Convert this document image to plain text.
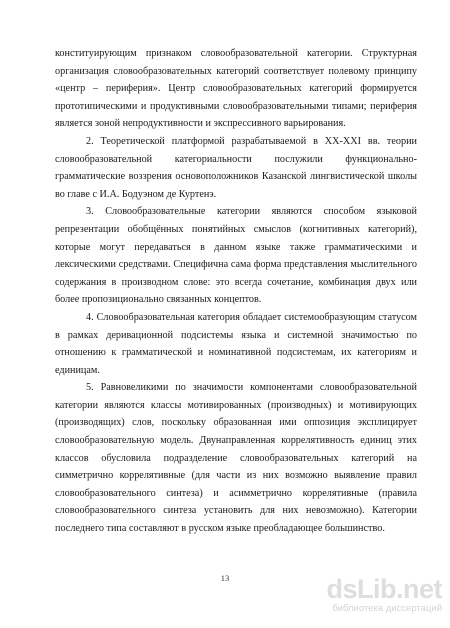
конституирующим признаком словообразовательной категории. Структурная организация словообразовательных категорий соответствует полевому принципу «центр – периферия». Центр словообразовательных категорий формируется прототипическими и продуктивными словообразовательными типами; периферия является зоной непродуктивности и экспрессивного варьирования.

2. Теоретической платформой разрабатываемой в XX-XXI вв. теории словообразовательной категориальности послужили функционально-грамматические воззрения основоположников Казанской лингвистической школы во главе с И.А. Бодуэном де Куртенэ.

3. Словообразовательные категории являются способом языковой репрезентации обобщённых понятийных смыслов (когнитивных категорий), которые могут передаваться в данном языке также грамматическими и лексическими средствами. Специфична сама форма представления мыслительного содержания в производном слове: это всегда сочетание, комбинация двух или более пропозиционально связанных концептов.

4. Словообразовательная категория обладает системообразующим статусом в рамках деривационной подсистемы языка и системной значимостью по отношению к грамматической и номинативной подсистемам, их категориям и единицам.

5. Равновеликими по значимости компонентами словообразовательной категории являются классы мотивированных (производных) и мотивирующих (производящих) слов, поскольку образованная ими оппозиция эксплицирует словообразовательную модель. Двунаправленная коррелятивность единиц этих классов обусловила подразделение словообразовательных категорий на симметрично коррелятивные (для части из них возможно выявление правил словообразовательного синтеза) и асимметрично коррелятивные (правила словообразовательного синтеза установить для них невозможно). Категории последнего типа составляют в русском языке преобладающее большинство.

13	dsLib.net
библиотека диссертаций
